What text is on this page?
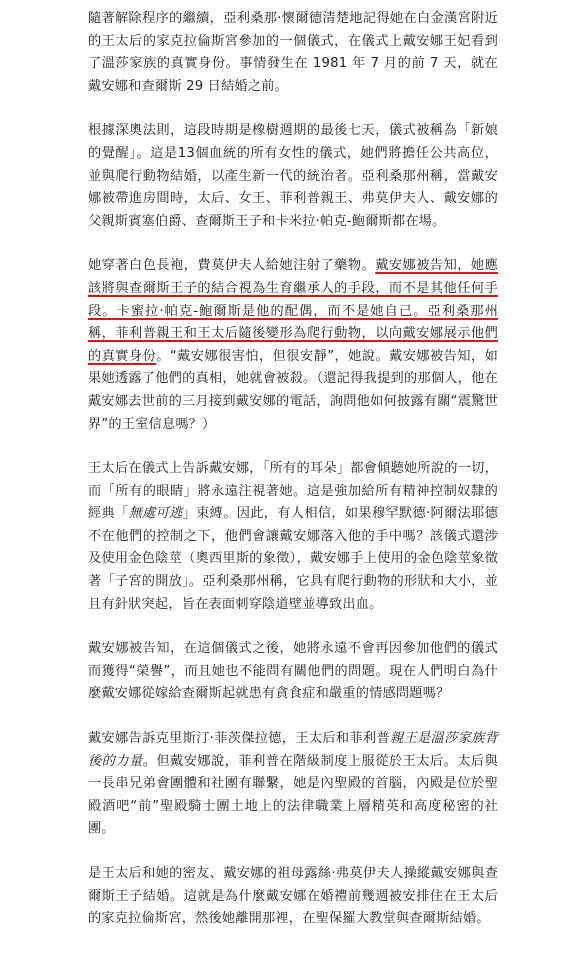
隨著解除程序的繼續，亞利桑那·懷爾德清楚地記得她在白金漢宮附近的王太后的家克拉倫斯宮參加的一個儀式，在儀式上戴安娜王妃看到了溫莎家族的真實身份。事情發生在 1981 年 7 月的前 7 天，就在戴安娜和查爾斯 29 日結婚之前。

根據深奧法則，這段時期是橡樹週期的最後七天，儀式被稱為「新娘的覺醒」。這是13個血統的所有女性的儀式，她們將擔任公共高位，並與爬行動物結婚，以產生新一代的統治者。亞利桑那州稱，當戴安娜被帶進房間時，太后、女王、菲利普親王、弗莫伊夫人、戴安娜的父親斯賓塞伯爵、查爾斯王子和卡米拉·帕克-鮑爾斯都在場。

她穿著白色長袍，費莫伊夫人給她注射了藥物。戴安娜被告知，她應該將與查爾斯王子的結合視為生育繼承人的手段，而不是其他任何手段。卡蜜拉·帕克-鮑爾斯是他的配偶，而不是她自己。亞利桑那州稱，菲利普親王和王太后隨後變形為爬行動物，以向戴安娜展示他們的真實身份。“戴安娜很害怕，但很安靜”，她說。戴安娜被告知，如果她透露了他們的真相，她就會被殺。（還記得我提到的那個人，他在戴安娜去世前的三月接到戴安娜的電話，詢問他如何披露有關“震驚世界”的王室信息嗎？）

王太后在儀式上告訴戴安娜，「所有的耳朵」都會傾聽她所說的一切，而「所有的眼睛」將永遠注視著她。這是強加給所有精神控制奴隸的經典「無處可逃」束縛。因此，有人相信，如果穆罕默德·阿爾法耶德不在他們的控制之下，他們會讓戴安娜落入他的手中嗎？該儀式還涉及使用金色陰莖（奧西里斯的象徵），戴安娜手上使用的金色陰莖象徵著「子宮的開放」。亞利桑那州稱，它具有爬行動物的形狀和大小，並且有針狀突起，旨在表面刺穿陰道壁並導致出血。

戴安娜被告知，在這個儀式之後，她將永遠不會再因參加他們的儀式而獲得“榮譽”，而且她也不能問有關他們的問題。現在人們明白為什麼戴安娜從嫁給查爾斯起就患有貪食症和嚴重的情感問題嗎？

戴安娜告訴克里斯汀·菲茨傑拉德，王太后和菲利普親王是溫莎家族背後的力量。但戴安娜說，菲利普在階級制度上服從於王太后。太后與一長串兄弟會團體和社團有聯繫，她是內聖殿的首腦，內殿是位於聖殿酒吧“前”聖殿騎士團土地上的法律職業上層精英和高度秘密的社團。

是王太后和她的密友、戴安娜的祖母露絲·弗莫伊夫人操縱戴安娜與查爾斯王子結婚。這就是為什麼戴安娜在婚禮前幾週被安排住在王太后的家克拉倫斯宮，然後她離開那裡，在聖保羅大教堂與查爾斯結婚。
